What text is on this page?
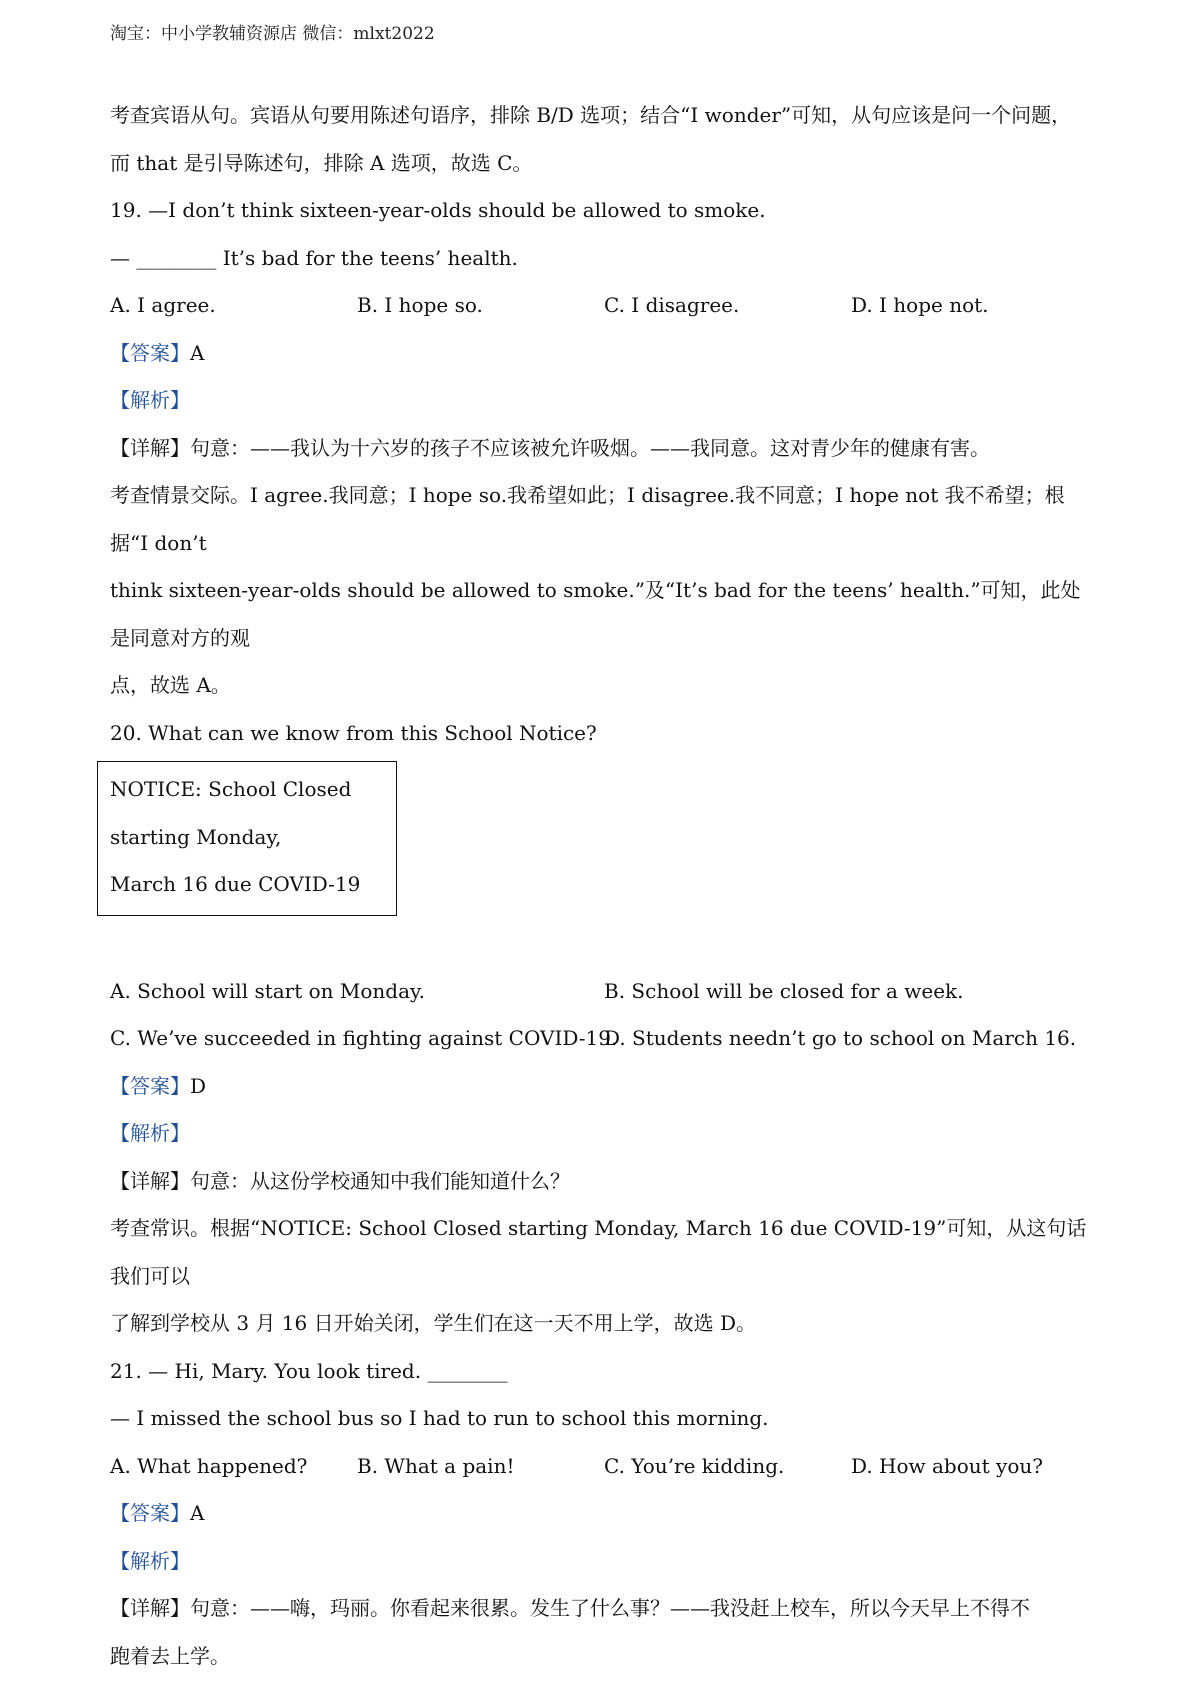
淘宝：中小学教辅资源店 微信：mlxt2022

考查宾语从句。宾语从句要用陈述句语序，排除 B/D 选项；结合“I wonder”可知，从句应该是问一个问题，

而 that 是引导陈述句，排除 A 选项，故选 C。

19. —I don’t think sixteen-year-olds should be allowed to smoke.

— ________ It’s bad for the teens’ health.

A. I agree.	B. I hope so.	C. I disagree.	D. I hope not.

【答案】A

【解析】

【详解】句意：——我认为十六岁的孩子不应该被允许吸烟。——我同意。这对青少年的健康有害。

考查情景交际。I agree.我同意；I hope so.我希望如此；I disagree.我不同意；I hope not 我不希望；根据“I don’t

think sixteen-year-olds should be allowed to smoke.”及“It’s bad for the teens’ health.”可知，此处是同意对方的观

点，故选 A。

20. What can we know from this School Notice?

NOTICE: School Closed

starting Monday,

March 16 due COVID-19

A. School will start on Monday.	B. School will be closed for a week.
C. We’ve succeeded in fighting against COVID-19.
D. Students needn’t go to school on March 16.

【答案】D

【解析】

【详解】句意：从这份学校通知中我们能知道什么？

考查常识。根据“NOTICE: School Closed starting Monday, March 16 due COVID-19”可知，从这句话我们可以

了解到学校从 3 月 16 日开始关闭，学生们在这一天不用上学，故选 D。

21. — Hi, Mary. You look tired. ________

— I missed the school bus so I had to run to school this morning.

A. What happened?	B. What a pain!	C. You’re kidding.	D. How about you?

【答案】A

【解析】

【详解】句意：——嗨，玛丽。你看起来很累。发生了什么事？——我没赶上校车，所以今天早上不得不

跑着去上学。
